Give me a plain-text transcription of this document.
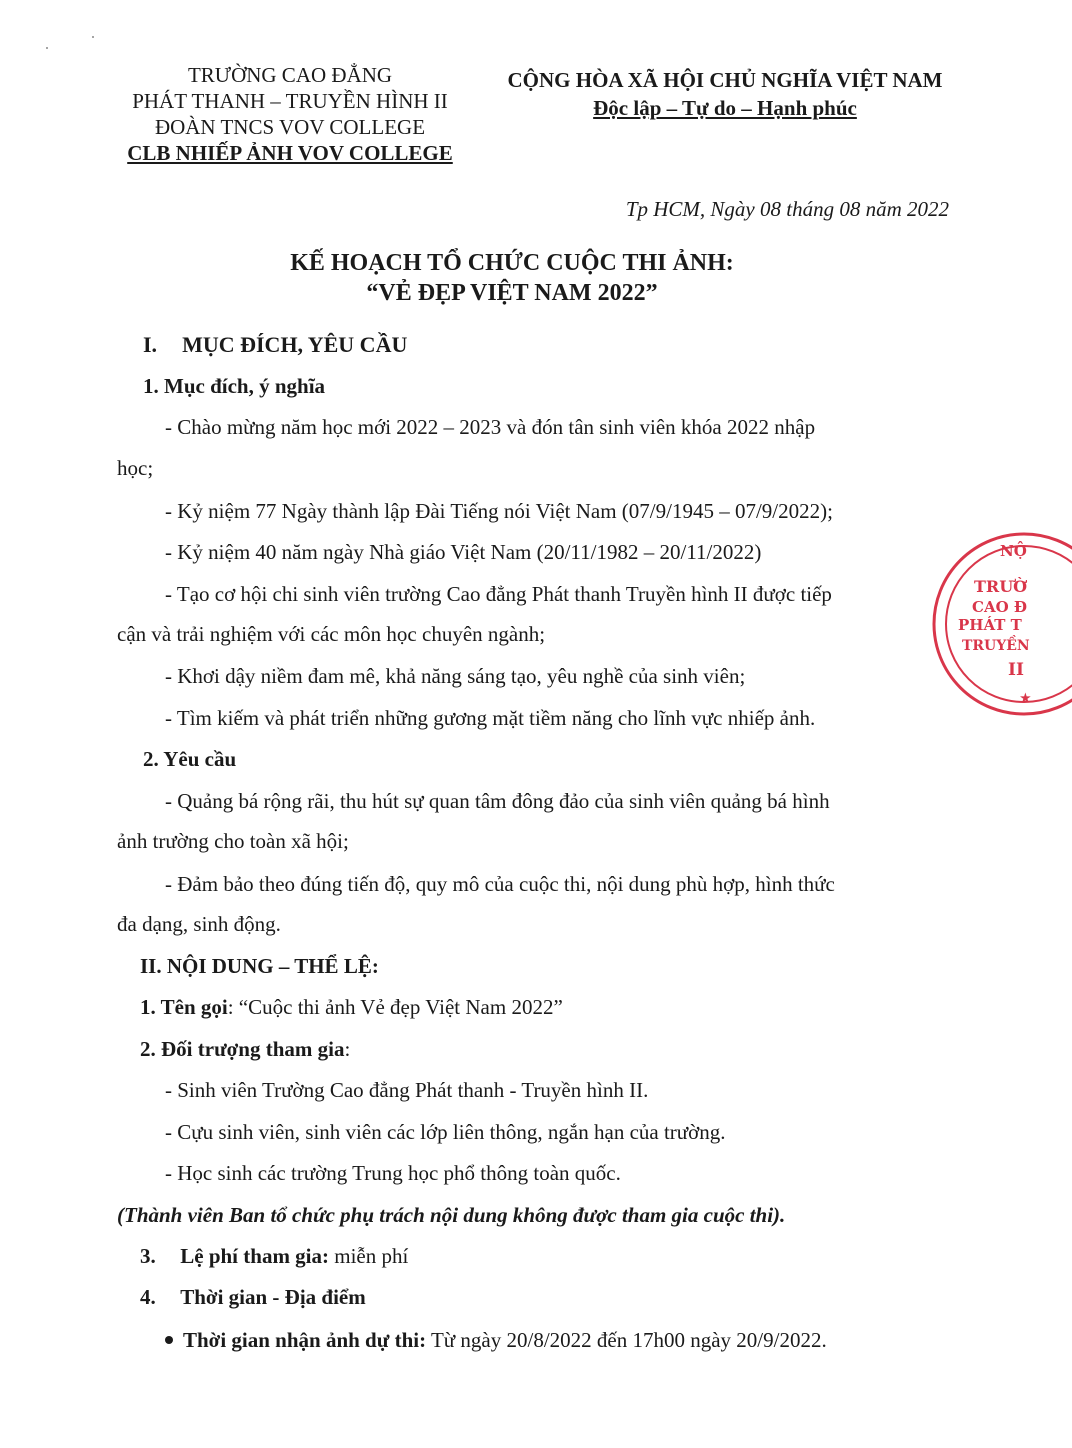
TRƯỜNG CAO ĐẲNG
PHÁT THANH – TRUYỀN HÌNH II
ĐOÀN TNCS VOV COLLEGE
CLB NHIẾP ẢNH VOV COLLEGE
CỘNG HÒA XÃ HỘI CHỦ NGHĨA VIỆT NAM
Độc lập – Tự do – Hạnh phúc
Tp HCM, Ngày 08 tháng 08 năm 2022
KẾ HOẠCH TỔ CHỨC CUỘC THI ẢNH:
“VẺ ĐẸP VIỆT NAM 2022”
I. MỤC ĐÍCH, YÊU CẦU
1. Mục đích, ý nghĩa
- Chào mừng năm học mới 2022 – 2023 và đón tân sinh viên khóa 2022 nhập
học;
- Kỷ niệm 77 Ngày thành lập Đài Tiếng nói Việt Nam (07/9/1945 – 07/9/2022);
- Kỷ niệm 40 năm ngày Nhà giáo Việt Nam (20/11/1982 – 20/11/2022)
- Tạo cơ hội chi sinh viên trường Cao đẳng Phát thanh Truyền hình II được tiếp
cận và trải nghiệm với các môn học chuyên ngành;
- Khơi dậy niềm đam mê, khả năng sáng tạo, yêu nghề của sinh viên;
- Tìm kiếm và phát triển những gương mặt tiềm năng cho lĩnh vực nhiếp ảnh.
2. Yêu cầu
- Quảng bá rộng rãi, thu hút sự quan tâm đông đảo của sinh viên quảng bá hình
ảnh trường cho toàn xã hội;
- Đảm bảo theo đúng tiến độ, quy mô của cuộc thi, nội dung phù hợp, hình thức
đa dạng, sinh động.
II. NỘI DUNG – THỂ LỆ:
1. Tên gọi: “Cuộc thi ảnh Vẻ đẹp Việt Nam 2022”
2. Đối trượng tham gia:
- Sinh viên Trường Cao đẳng Phát thanh - Truyền hình II.
- Cựu sinh viên, sinh viên các lớp liên thông, ngắn hạn của trường.
- Học sinh các trường Trung học phổ thông toàn quốc.
(Thành viên Ban tổ chức phụ trách nội dung không được tham gia cuộc thi).
3. Lệ phí tham gia: miễn phí
4. Thời gian - Địa điểm
Thời gian nhận ảnh dự thi: Từ ngày 20/8/2022 đến 17h00 ngày 20/9/2022.
NỘ
TRƯỜ
CAO Đ
PHÁT T
TRUYỀN
II
★
